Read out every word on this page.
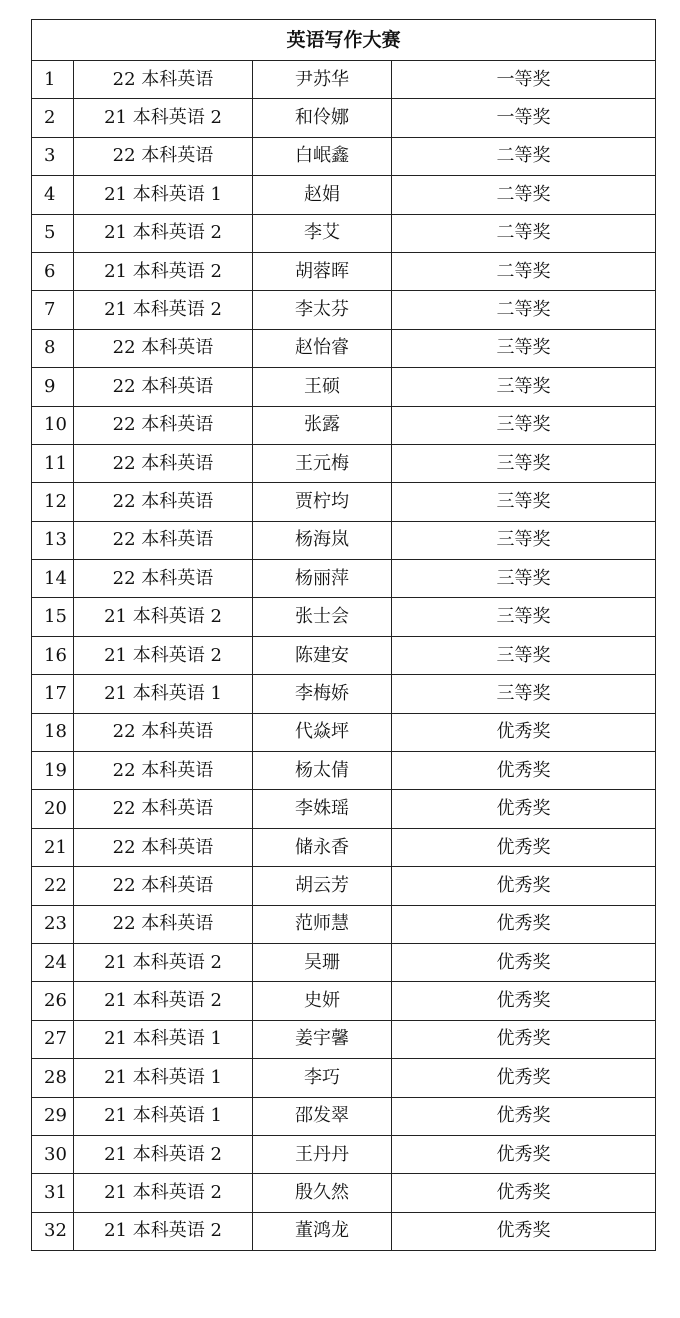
英语写作大赛			
1	22 本科英语	尹苏华	一等奖
2	21 本科英语 2	和伶娜	一等奖
3	22 本科英语	白岷鑫	二等奖
4	21 本科英语 1	赵娟	二等奖
5	21 本科英语 2	李艾	二等奖
6	21 本科英语 2	胡蓉晖	二等奖
7	21 本科英语 2	李太芬	二等奖
8	22 本科英语	赵怡睿	三等奖
9	22 本科英语	王硕	三等奖
10	22 本科英语	张露	三等奖
11	22 本科英语	王元梅	三等奖
12	22 本科英语	贾柠均	三等奖
13	22 本科英语	杨海岚	三等奖
14	22 本科英语	杨丽萍	三等奖
15	21 本科英语 2	张士会	三等奖
16	21 本科英语 2	陈建安	三等奖
17	21 本科英语 1	李梅娇	三等奖
18	22 本科英语	代焱坪	优秀奖
19	22 本科英语	杨太倩	优秀奖
20	22 本科英语	李姝瑶	优秀奖
21	22 本科英语	储永香	优秀奖
22	22 本科英语	胡云芳	优秀奖
23	22 本科英语	范师慧	优秀奖
24	21 本科英语 2	吴珊	优秀奖
26	21 本科英语 2	史妍	优秀奖
27	21 本科英语 1	姜宇馨	优秀奖
28	21 本科英语 1	李巧	优秀奖
29	21 本科英语 1	邵发翠	优秀奖
30	21 本科英语 2	王丹丹	优秀奖
31	21 本科英语 2	殷久然	优秀奖
32	21 本科英语 2	董鸿龙	优秀奖
